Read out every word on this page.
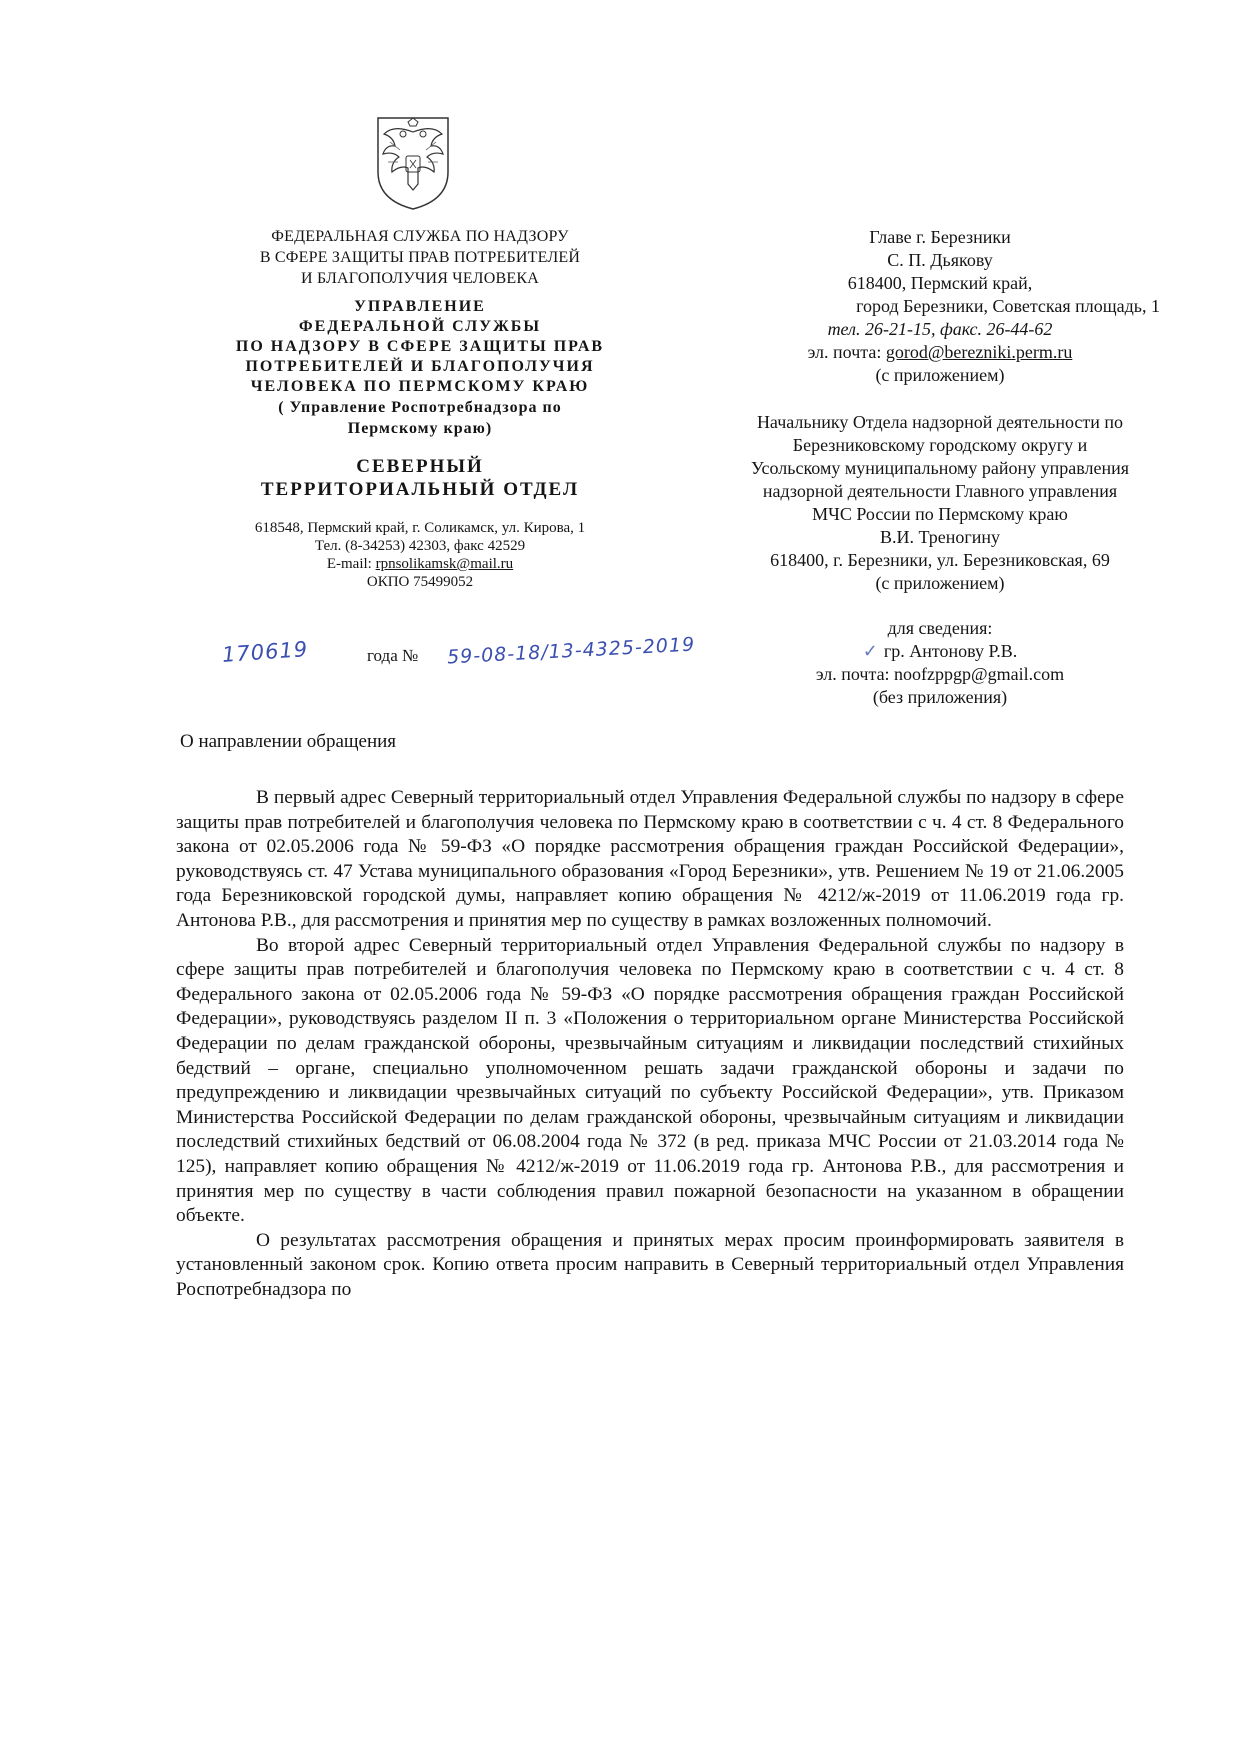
ФЕДЕРАЛЬНАЯ СЛУЖБА ПО НАДЗОРУ
В СФЕРЕ ЗАЩИТЫ ПРАВ ПОТРЕБИТЕЛЕЙ
И БЛАГОПОЛУЧИЯ ЧЕЛОВЕКА
УПРАВЛЕНИЕ
ФЕДЕРАЛЬНОЙ СЛУЖБЫ
ПО НАДЗОРУ В СФЕРЕ ЗАЩИТЫ ПРАВ
ПОТРЕБИТЕЛЕЙ И БЛАГОПОЛУЧИЯ
ЧЕЛОВЕКА ПО ПЕРМСКОМУ КРАЮ
( Управление Роспотребнадзора по
Пермскому краю)
СЕВЕРНЫЙ
ТЕРРИТОРИАЛЬНЫЙ ОТДЕЛ
618548, Пермский край, г. Соликамск, ул. Кирова, 1
Тел. (8-34253) 42303, факс 42529
E-mail: rpnsolikamsk@mail.ru
ОКПО 75499052
170619	года № 59-08-18/13-4325-2019
Главе г. Березники
С. П. Дьякову
618400, Пермский край,
город Березники, Советская площадь, 1
тел. 26-21-15, факс. 26-44-62
эл. почта: gorod@berezniki.perm.ru
(с приложением)
Начальнику Отдела надзорной деятельности по
Березниковскому городскому округу и
Усольскому муниципальному району управления
надзорной деятельности Главного управления
МЧС России по Пермскому краю
В.И. Треногину
618400, г. Березники, ул. Березниковская, 69
(с приложением)
для сведения:
✓ гр. Антонову Р.В.
эл. почта: noofzppgp@gmail.com
(без приложения)
О направлении обращения

В первый адрес Северный территориальный отдел Управления Федеральной службы по надзору в сфере защиты прав потребителей и благополучия человека по Пермскому краю в соответствии с ч. 4 ст. 8 Федерального закона от 02.05.2006 года № 59-ФЗ «О порядке рассмотрения обращения граждан Российской Федерации», руководствуясь ст. 47 Устава муниципального образования «Город Березники», утв. Решением № 19 от 21.06.2005 года Березниковской городской думы, направляет копию обращения № 4212/ж-2019 от 11.06.2019 года гр. Антонова Р.В., для рассмотрения и принятия мер по существу в рамках возложенных полномочий.

Во второй адрес Северный территориальный отдел Управления Федеральной службы по надзору в сфере защиты прав потребителей и благополучия человека по Пермскому краю в соответствии с ч. 4 ст. 8 Федерального закона от 02.05.2006 года № 59-ФЗ «О порядке рассмотрения обращения граждан Российской Федерации», руководствуясь разделом II п. 3 «Положения о территориальном органе Министерства Российской Федерации по делам гражданской обороны, чрезвычайным ситуациям и ликвидации последствий стихийных бедствий – органе, специально уполномоченном решать задачи гражданской обороны и задачи по предупреждению и ликвидации чрезвычайных ситуаций по субъекту Российской Федерации», утв. Приказом Министерства Российской Федерации по делам гражданской обороны, чрезвычайным ситуациям и ликвидации последствий стихийных бедствий от 06.08.2004 года № 372 (в ред. приказа МЧС России от 21.03.2014 года № 125), направляет копию обращения № 4212/ж-2019 от 11.06.2019 года гр. Антонова Р.В., для рассмотрения и принятия мер по существу в части соблюдения правил пожарной безопасности на указанном в обращении объекте.

О результатах рассмотрения обращения и принятых мерах просим проинформировать заявителя в установленный законом срок. Копию ответа просим направить в Северный территориальный отдел Управления Роспотребнадзора по
